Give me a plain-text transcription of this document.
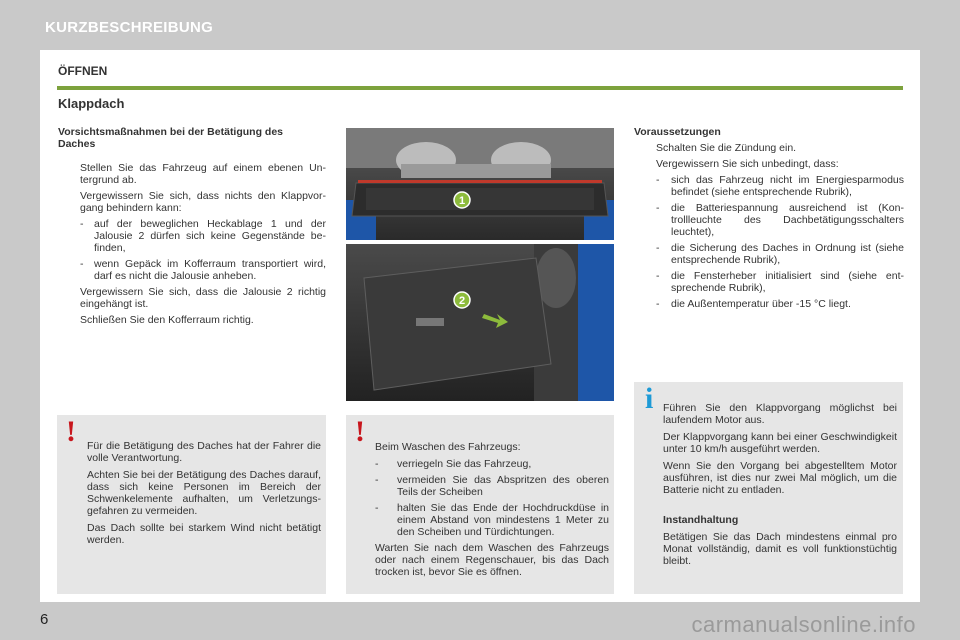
KURZBESCHREIBUNG
6	carmanualsonline.info
ÖFFNEN
Klappdach
Vorsichtsmaßnahmen bei der Betätigung des Daches
Stellen Sie das Fahrzeug auf einem ebenen Untergrund ab.
Vergewissern Sie sich, dass nichts den Klappvorgang behindern kann:
- auf der beweglichen Heckablage 1 und der Jalousie 2 dürfen sich keine Gegenstände befinden,
- wenn Gepäck im Kofferraum transportiert wird, darf es nicht die Jalousie anheben.
Vergewissern Sie sich, dass die Jalousie 2 richtig eingehängt ist.
Schließen Sie den Kofferraum richtig.
1
2
Voraussetzungen
Schalten Sie die Zündung ein.
Vergewissern Sie sich unbedingt, dass:
- sich das Fahrzeug nicht im Energiesparmodus befindet (siehe entsprechende Rubrik),
- die Batteriespannung ausreichend ist (Kontrollleuchte des Dachbetätigungsschalters leuchtet),
- die Sicherung des Daches in Ordnung ist (siehe entsprechende Rubrik),
- die Fensterheber initialisiert sind (siehe entsprechende Rubrik),
- die Außentemperatur über -15 °C liegt.
! Für die Betätigung des Daches hat der Fahrer die volle Verantwortung.

Achten Sie bei der Betätigung des Daches darauf, dass sich keine Personen im Bereich der Schwenkelemente aufhalten, um Verletzungsgefahren zu vermeiden.

Das Dach sollte bei starkem Wind nicht betätigt werden.

! Beim Waschen des Fahrzeugs:

- verriegeln Sie das Fahrzeug,
- vermeiden Sie das Abspritzen des oberen Teils der Scheiben
- halten Sie das Ende der Hochdruckdüse in einem Abstand von mindestens 1 Meter zu den Scheiben und Türdichtungen.

Warten Sie nach dem Waschen des Fahrzeugs oder nach einem Regenschauer, bis das Dach trocken ist, bevor Sie es öffnen.

i Führen Sie den Klappvorgang möglichst bei laufendem Motor aus.

Der Klappvorgang kann bei einer Geschwindigkeit unter 10 km/h ausgeführt werden.

Wenn Sie den Vorgang bei abgestelltem Motor ausführen, ist dies nur zwei Mal möglich, um die Batterie nicht zu entladen.

Instandhaltung

Betätigen Sie das Dach mindestens einmal pro Monat vollständig, damit es voll funktionstüchtig bleibt.
